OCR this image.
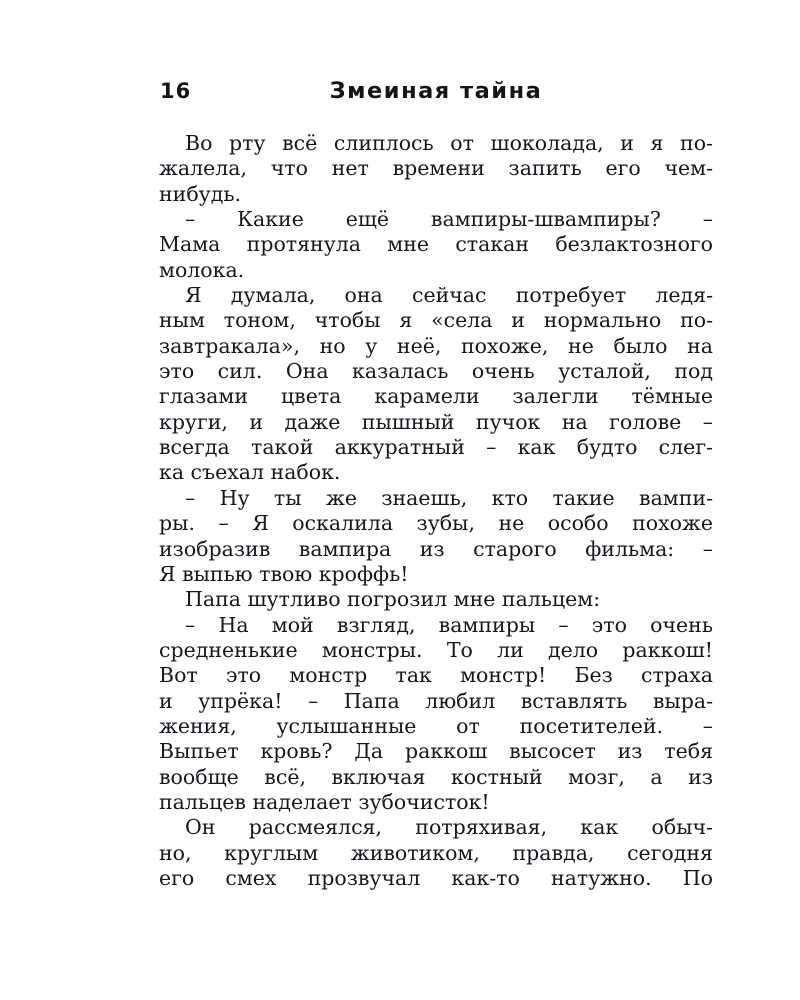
16	Змеиная тайна
Во рту всё слиплось от шоколада, и я по-
жалела, что нет времени запить его чем-
нибудь.
– Какие ещё вампиры-швампиры? –
Мама протянула мне стакан безлактозного
молока.
Я думала, она сейчас потребует ледя-
ным тоном, чтобы я «села и нормально по-
завтракала», но у неё, похоже, не было на
это сил. Она казалась очень усталой, под
глазами цвета карамели залегли тёмные
круги, и даже пышный пучок на голове –
всегда такой аккуратный – как будто слег-
ка съехал набок.
– Ну ты же знаешь, кто такие вампи-
ры. – Я оскалила зубы, не особо похоже
изобразив вампира из старого фильма: –
Я выпью твою кроффь!
Папа шутливо погрозил мне пальцем:
– На мой взгляд, вампиры – это очень
средненькие монстры. То ли дело раккош!
Вот это монстр так монстр! Без страха
и упрёка! – Папа любил вставлять выра-
жения, услышанные от посетителей. –
Выпьет кровь? Да раккош высосет из тебя
вообще всё, включая костный мозг, а из
пальцев наделает зубочисток!
Он рассмеялся, потряхивая, как обыч-
но, круглым животиком, правда, сегодня
его смех прозвучал как-то натужно. По
